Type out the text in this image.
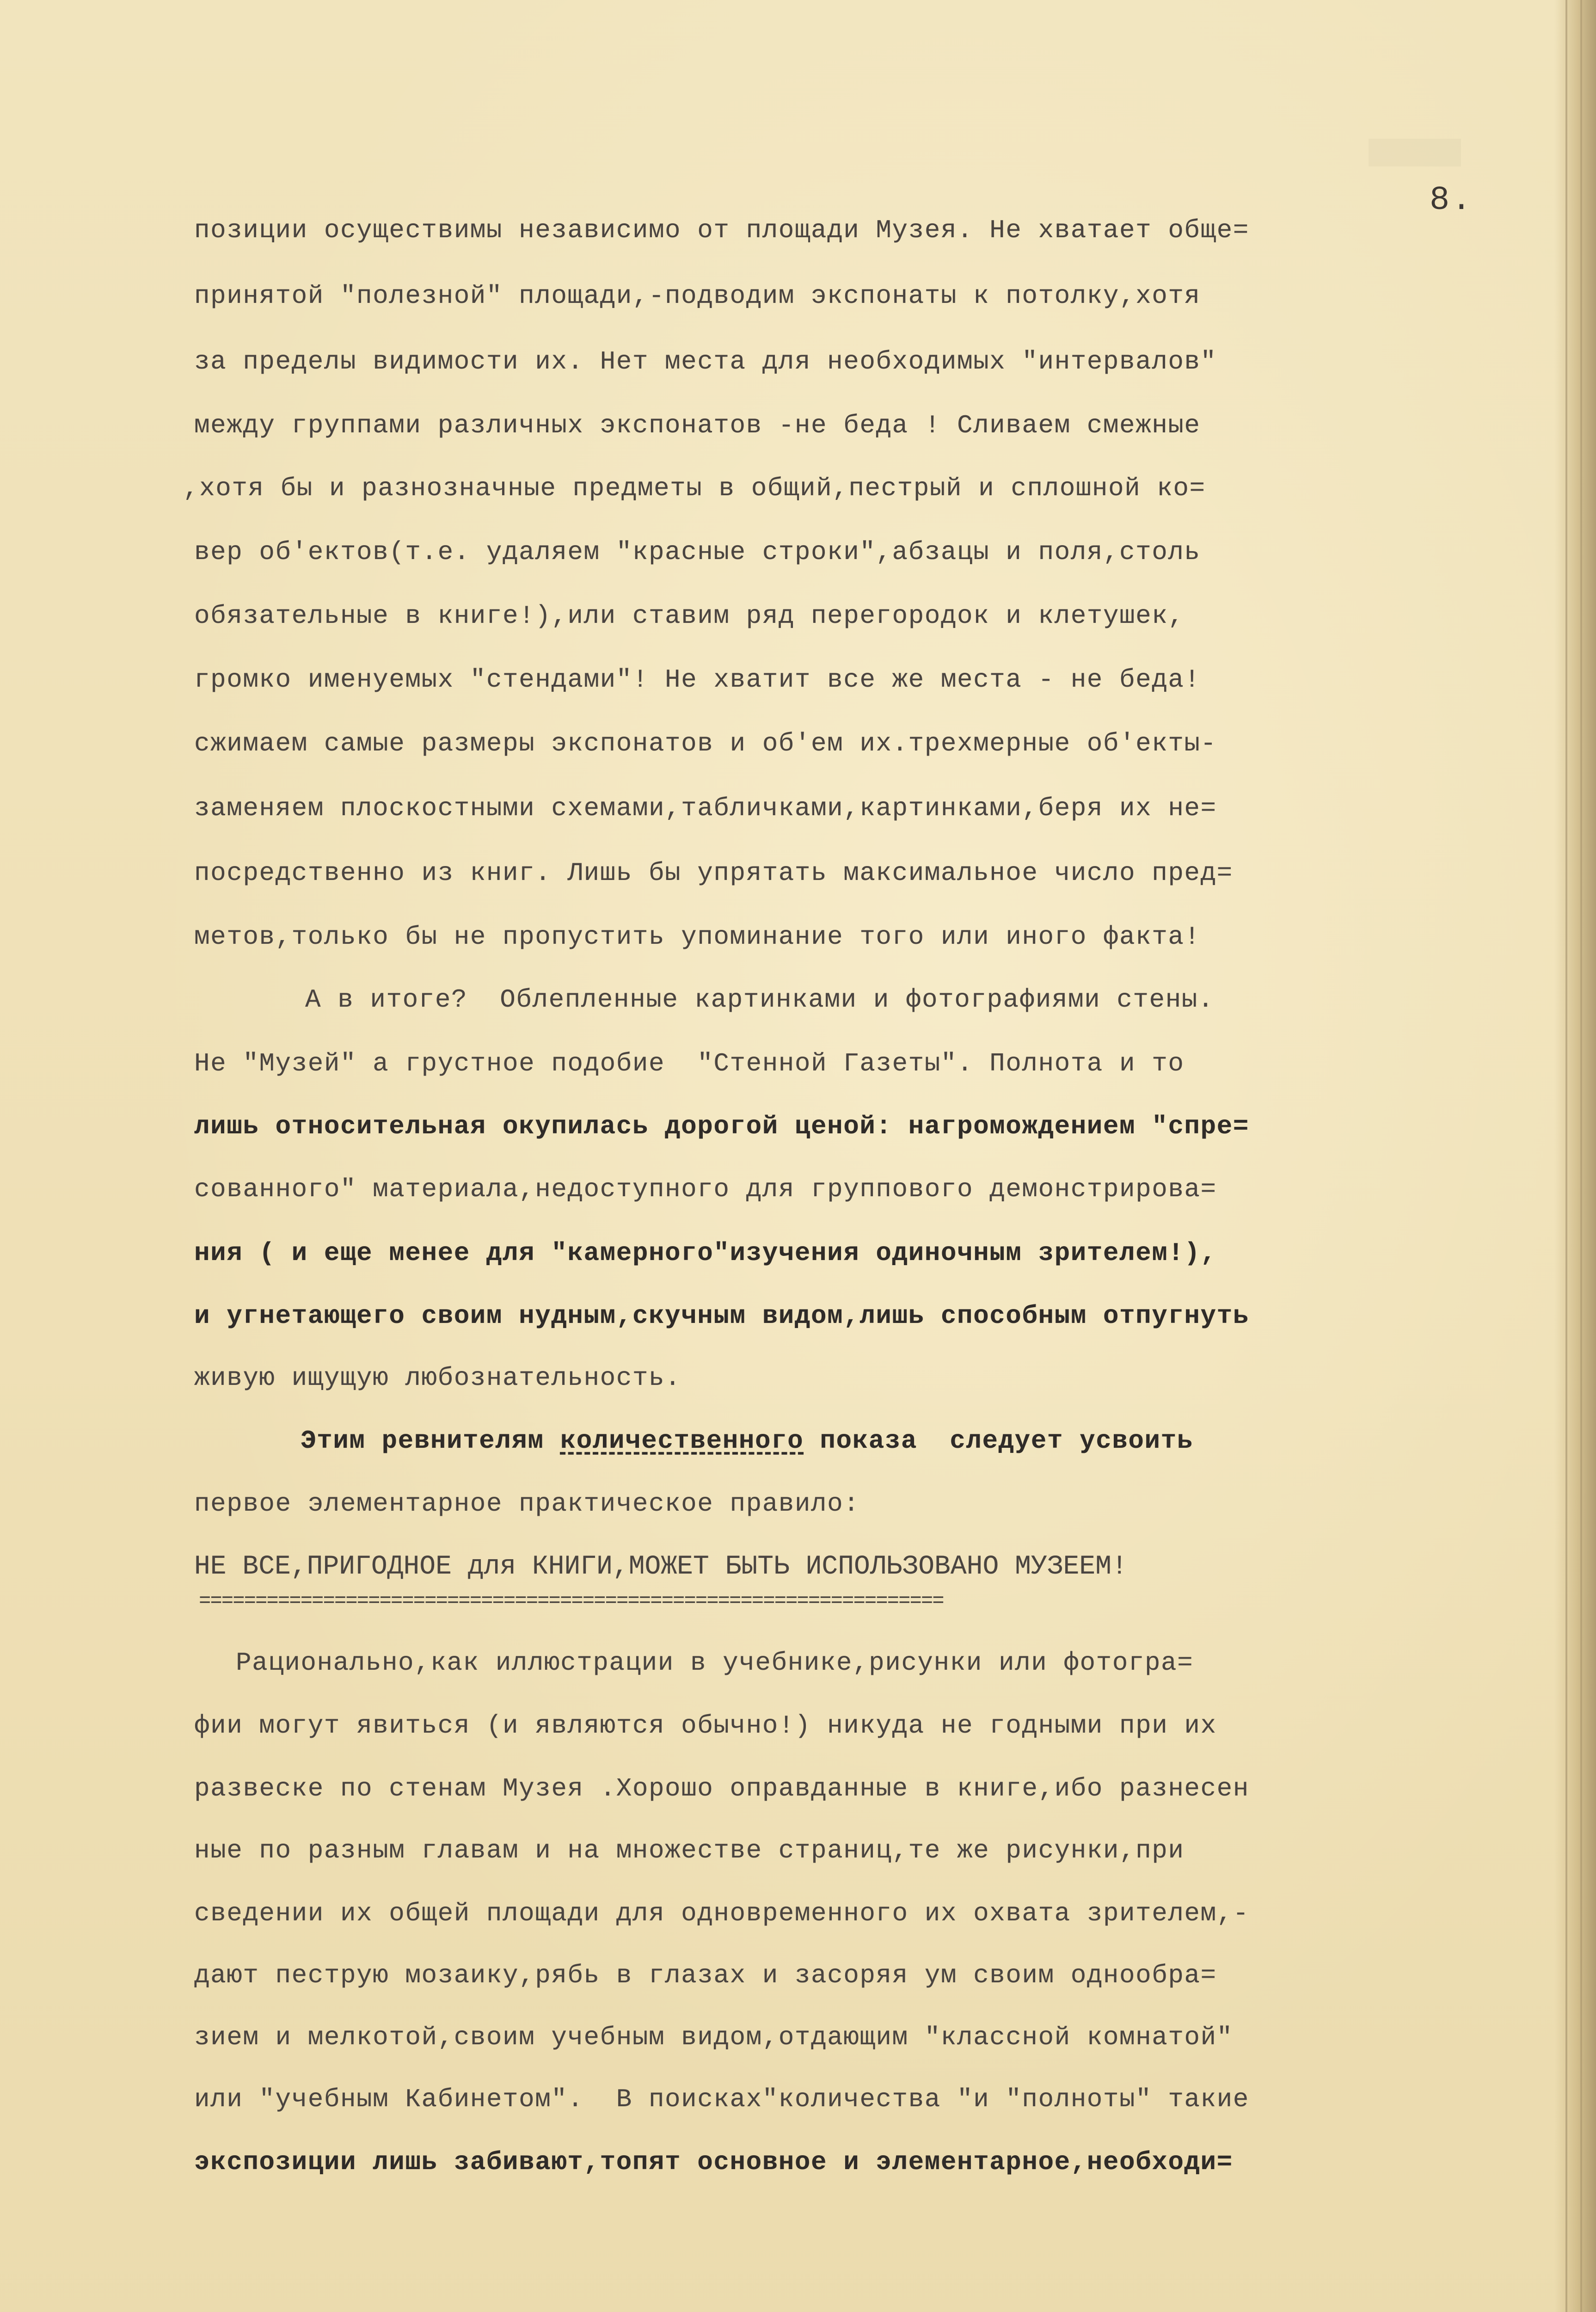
8.
позиции осуществимы независимо от площади Музея. Не хватает обще=
принятой "полезной" площади,-подводим экспонаты к потолку,хотя
за пределы видимости их. Нет места для необходимых "интервалов"
между группами различных экспонатов -не беда ! Сливаем смежные
,хотя бы и разнозначные предметы в общий,пестрый и сплошной ко=
вер об'ектов(т.е. удаляем "красные строки",абзацы и поля,столь
обязательные в книге!),или ставим ряд перегородок и клетушек,
громко именуемых "стендами"! Не хватит все же места - не беда!
сжимаем самые размеры экспонатов и об'ем их.трехмерные об'екты-
заменяем плоскостными схемами,табличками,картинками,беря их не=
посредственно из книг. Лишь бы упрятать максимальное число пред=
метов,только бы не пропустить упоминание того или иного факта!
А в итоге?  Облепленные картинками и фотографиями стены.
Не "Музей" а грустное подобие  "Стенной Газеты". Полнота и то
лишь относительная окупилась дорогой ценой: нагромождением "спре=
сованного" материала,недоступного для группового демонстрирова=
ния ( и еще менее для "камерного"изучения одиночным зрителем!),
и угнетающего своим нудным,скучным видом,лишь способным отпугнуть
живую ищущую любознательность.
Этим ревнителям количественного показа  следует усвоить
первое элементарное практическое правило:
НЕ ВСЕ,ПРИГОДНОЕ для КНИГИ,МОЖЕТ БЫТЬ ИСПОЛЬЗОВАНО МУЗЕЕМ!
==================================================================
Рационально,как иллюстрации в учебнике,рисунки или фотогра=
фии могут явиться (и являются обычно!) никуда не годными при их
развеске по стенам Музея .Хорошо оправданные в книге,ибо разнесен
ные по разным главам и на множестве страниц,те же рисунки,при
сведении их общей площади для одновременного их охвата зрителем,-
дают пеструю мозаику,рябь в глазах и засоряя ум своим однообра=
зием и мелкотой,своим учебным видом,отдающим "классной комнатой"
или "учебным Кабинетом".  В поисках"количества "и "полноты" такие
экспозиции лишь забивают,топят основное и элементарное,необходи=
